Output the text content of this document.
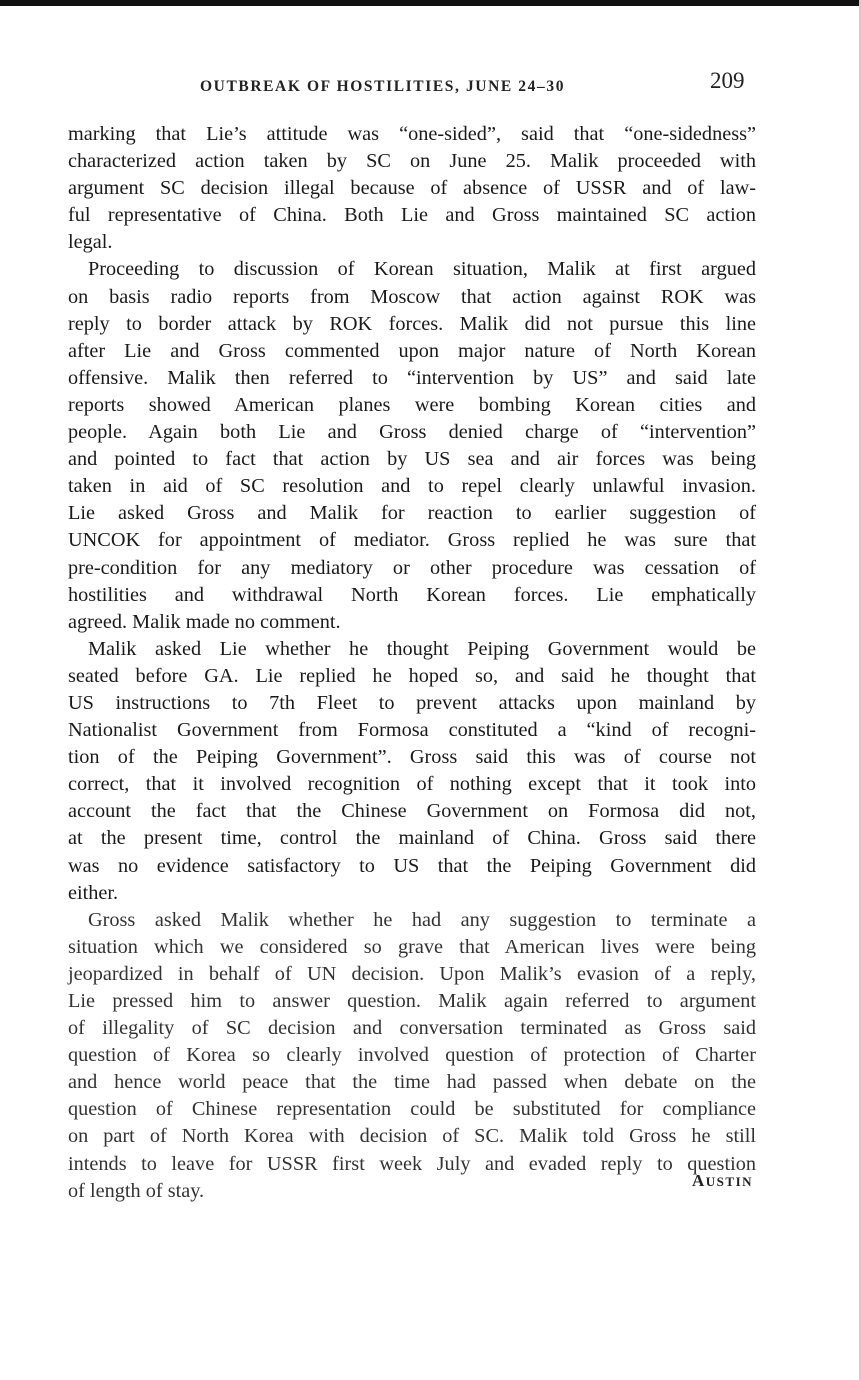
OUTBREAK OF HOSTILITIES, JUNE 24–30	209
marking that Lie’s attitude was “one-sided”, said that “one-sidedness”
characterized action taken by SC on June 25. Malik proceeded with
argument SC decision illegal because of absence of USSR and of law-
ful representative of China. Both Lie and Gross maintained SC action
legal.
Proceeding to discussion of Korean situation, Malik at first argued
on basis radio reports from Moscow that action against ROK was
reply to border attack by ROK forces. Malik did not pursue this line
after Lie and Gross commented upon major nature of North Korean
offensive. Malik then referred to “intervention by US” and said late
reports showed American planes were bombing Korean cities and
people. Again both Lie and Gross denied charge of “intervention”
and pointed to fact that action by US sea and air forces was being
taken in aid of SC resolution and to repel clearly unlawful invasion.
Lie asked Gross and Malik for reaction to earlier suggestion of
UNCOK for appointment of mediator. Gross replied he was sure that
pre-condition for any mediatory or other procedure was cessation of
hostilities and withdrawal North Korean forces. Lie emphatically
agreed. Malik made no comment.
Malik asked Lie whether he thought Peiping Government would be
seated before GA. Lie replied he hoped so, and said he thought that
US instructions to 7th Fleet to prevent attacks upon mainland by
Nationalist Government from Formosa constituted a “kind of recogni-
tion of the Peiping Government”. Gross said this was of course not
correct, that it involved recognition of nothing except that it took into
account the fact that the Chinese Government on Formosa did not,
at the present time, control the mainland of China. Gross said there
was no evidence satisfactory to US that the Peiping Government did
either.
Gross asked Malik whether he had any suggestion to terminate a
situation which we considered so grave that American lives were being
jeopardized in behalf of UN decision. Upon Malik’s evasion of a reply,
Lie pressed him to answer question. Malik again referred to argument
of illegality of SC decision and conversation terminated as Gross said
question of Korea so clearly involved question of protection of Charter
and hence world peace that the time had passed when debate on the
question of Chinese representation could be substituted for compliance
on part of North Korea with decision of SC. Malik told Gross he still
intends to leave for USSR first week July and evaded reply to question
of length of stay.	AUSTIN
